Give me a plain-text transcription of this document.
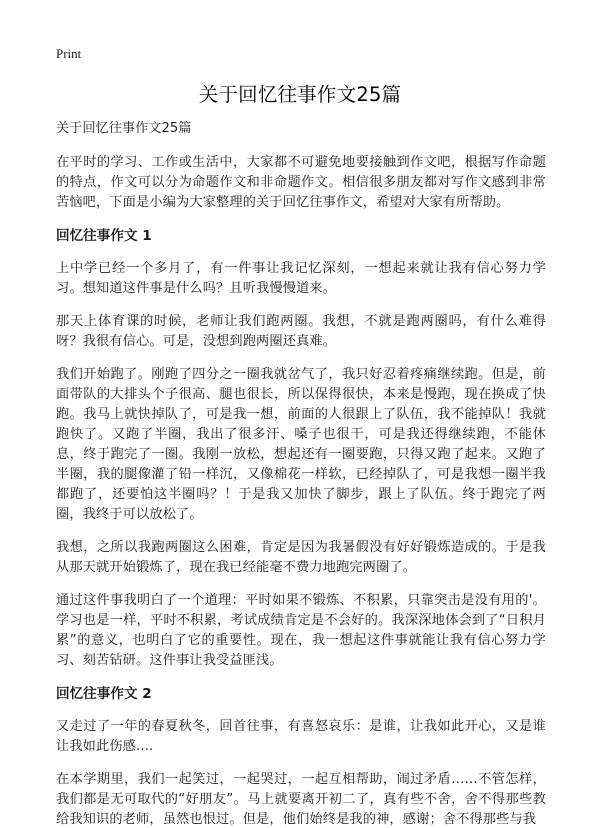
Print
关于回忆往事作文25篇

关于回忆往事作文25篇

在平时的学习、工作或生活中，大家都不可避免地要接触到作文吧，根据写作命题的特点，作文可以分为命题作文和非命题作文。相信很多朋友都对写作文感到非常苦恼吧，下面是小编为大家整理的关于回忆往事作文，希望对大家有所帮助。

回忆往事作文 1

上中学已经一个多月了，有一件事让我记忆深刻，一想起来就让我有信心努力学习。想知道这件事是什么吗？且听我慢慢道来。

那天上体育课的时候，老师让我们跑两圈。我想，不就是跑两圈吗，有什么难得呀？我很有信心。可是，没想到跑两圈还真难。

我们开始跑了。刚跑了四分之一圈我就岔气了，我只好忍着疼痛继续跑。但是，前面带队的大排头个子很高、腿也很长，所以保得很快，本来是慢跑，现在换成了快跑。我马上就快掉队了，可是我一想，前面的人很跟上了队伍，我不能掉队！我就跑快了。又跑了半圈，我出了很多汗、嗓子也很干，可是我还得继续跑，不能休息，终于跑完了一圈。我刚一放松，想起还有一圈要跑，只得又跑了起来。又跑了半圈，我的腿像灌了铅一样沉，又像棉花一样软，已经掉队了，可是我想一圈半我都跑了，还要怕这半圈吗？！于是我又加快了脚步，跟上了队伍。终于跑完了两圈，我终于可以放松了。

我想，之所以我跑两圈这么困难，肯定是因为我暑假没有好好锻炼造成的。于是我从那天就开始锻炼了，现在我已经能毫不费力地跑完两圈了。

通过这件事我明白了一个道理：平时如果不锻炼、不积累，只靠突击是没有用的'。学习也是一样，平时不积累，考试成绩肯定是不会好的。我深深地体会到了“日积月累”的意义，也明白了它的重要性。现在，我一想起这件事就能让我有信心努力学习、刻苦钻研。这件事让我受益匪浅。

回忆往事作文 2

又走过了一年的春夏秋冬，回首往事，有喜怒哀乐：是谁，让我如此开心，又是谁让我如此伤感....

在本学期里，我们一起笑过，一起哭过，一起互相帮助，闹过矛盾……不管怎样，我们都是无可取代的“好朋友”。马上就要离开初二了，真有些不舍，舍不得那些教给我知识的老师，虽然也恨过。但是，他们始终是我的神，感谢；舍不得那些与我
